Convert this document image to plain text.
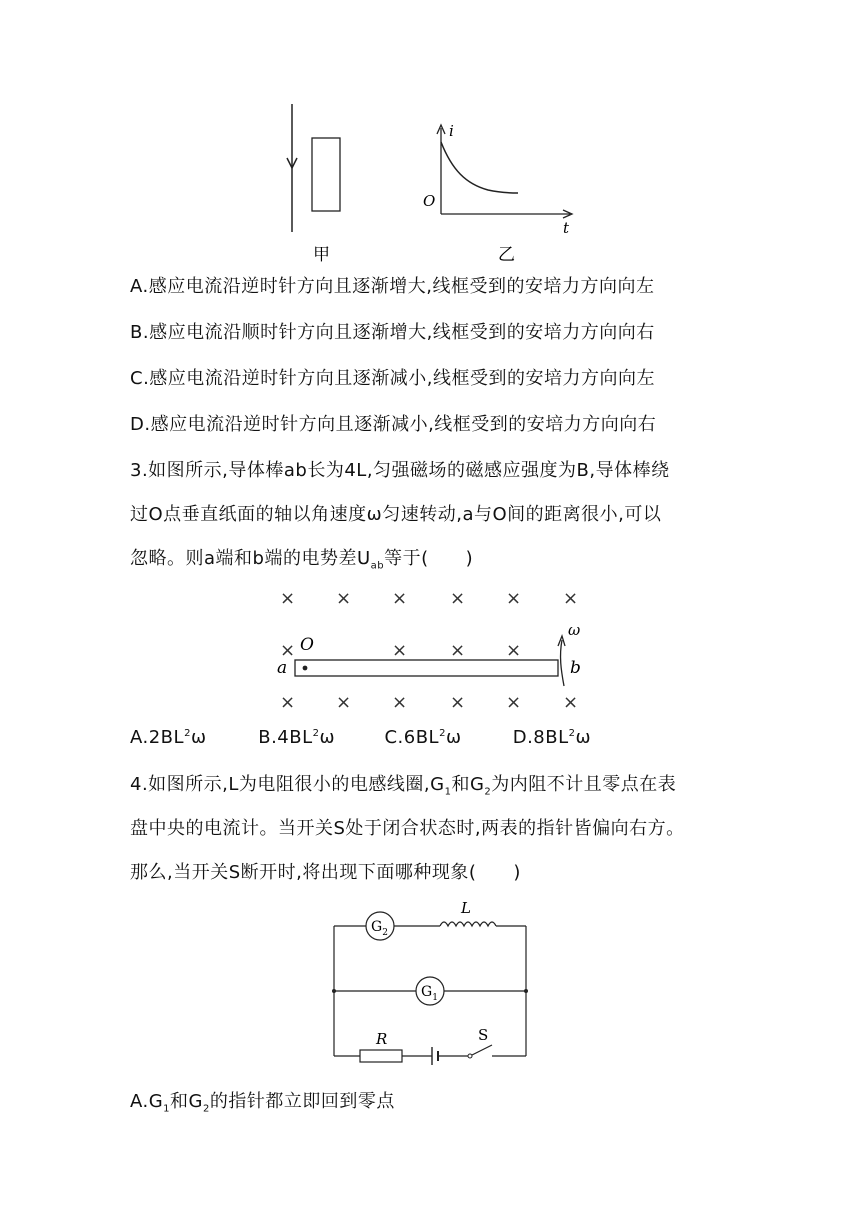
i
t
O
甲	乙
A.感应电流沿逆时针方向且逐渐增大,线框受到的安培力方向向左
B.感应电流沿顺时针方向且逐渐增大,线框受到的安培力方向向右
C.感应电流沿逆时针方向且逐渐减小,线框受到的安培力方向向左
D.感应电流沿逆时针方向且逐渐减小,线框受到的安培力方向向右
3.如图所示,导体棒ab长为4L,匀强磁场的磁感应强度为B,导体棒绕
过O点垂直纸面的轴以角速度ω匀速转动,a与O间的距离很小,可以
忽略。则a端和b端的电势差$U_{ab}$等于(　　)
× × × × × ×
×	× × ×
× × × × × ×
O
a	b
ω
$A.2BL^2\omega$	$B.4BL^2\omega$	$C.6BL^2\omega$	$D.8BL^2\omega$
4.如图所示,L为电阻很小的电感线圈$,G_1$和$G_2$为内阻不计且零点在表
盘中央的电流计。当开关S处于闭合状态时,两表的指针皆偏向右方。
那么,当开关S断开时,将出现下面哪种现象(　　)
$G_2$
L
$G_1$
R	S
$A.G_1$和$G_2$的指针都立即回到零点
